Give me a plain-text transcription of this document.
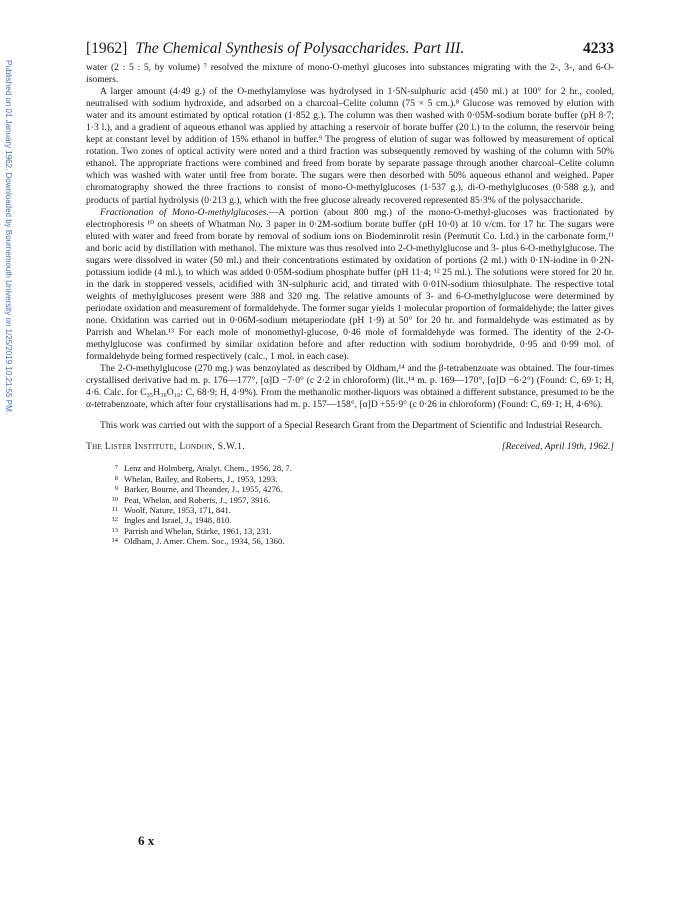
Published on 01 January 1962. Downloaded by Bournemouth University on 1/25/2019 10:21:55 PM.
[1962] The Chemical Synthesis of Polysaccharides. Part III.	4233

water (2 : 5 : 5, by volume) ⁷ resolved the mixture of mono-O-methyl glucoses into substances migrating with the 2-, 3-, and 6-O-isomers.

A larger amount (4·49 g.) of the O-methylamylose was hydrolysed in 1·5N-sulphuric acid (450 ml.) at 100° for 2 hr., cooled, neutralised with sodium hydroxide, and adsorbed on a charcoal–Celite column (75 × 5 cm.).⁸ Glucose was removed by elution with water and its amount estimated by optical rotation (1·852 g.). The column was then washed with 0·05M-sodium borate buffer (pH 8·7; 1·3 l.), and a gradient of aqueous ethanol was applied by attaching a reservoir of borate buffer (20 l.) to the column, the reservoir being kept at constant level by addition of 15% ethanol in buffer.⁹ The progress of elution of sugar was followed by measurement of optical rotation. Two zones of optical activity were noted and a third fraction was subsequently removed by washing of the column with 50% ethanol. The appropriate fractions were combined and freed from borate by separate passage through another charcoal–Celite column which was washed with water until free from borate. The sugars were then desorbed with 50% aqueous ethanol and weighed. Paper chromatography showed the three fractions to consist of mono-O-methylglucoses (1·537 g.), di-O-methylglucoses (0·588 g.), and products of partial hydrolysis (0·213 g.), which with the free glucose already recovered represented 85·3% of the polysaccharide.

Fractionation of Mono-O-methylglucoses.—A portion (about 800 mg.) of the mono-O-methyl-glucoses was fractionated by electrophoresis ¹⁰ on sheets of Whatman No. 3 paper in 0·2M-sodium borate buffer (pH 10·0) at 10 v/cm. for 17 hr. The sugars were eluted with water and freed from borate by removal of sodium ions on Biodeminrolit resin (Permutit Co. Ltd.) in the carbonate form,¹¹ and boric acid by distillation with methanol. The mixture was thus resolved into 2-O-methylglucose and 3- plus 6-O-methylglucose. The sugars were dissolved in water (50 ml.) and their concentrations estimated by oxidation of portions (2 ml.) with 0·1N-iodine in 0·2N-potassium iodide (4 ml.), to which was added 0·05M-sodium phosphate buffer (pH 11·4; ¹² 25 ml.). The solutions were stored for 20 hr. in the dark in stoppered vessels, acidified with 3N-sulphuric acid, and titrated with 0·01N-sodium thiosulphate. The respective total weights of methylglucoses present were 388 and 320 mg. The relative amounts of 3- and 6-O-methylglucose were determined by periodate oxidation and measurement of formaldehyde. The former sugar yields 1 molecular proportion of formaldehyde; the latter gives none. Oxidation was carried out in 0·06M-sodium metaperiodate (pH 1·9) at 50° for 20 hr. and formaldehyde was estimated as by Parrish and Whelan.¹³ For each mole of monomethyl-glucose, 0·46 mole of formaldehyde was formed. The identity of the 2-O-methylglucose was confirmed by similar oxidation before and after reduction with sodium borohydride, 0·95 and 0·99 mol. of formaldehyde being formed respectively (calc., 1 mol. in each case).

The 2-O-methylglucose (270 mg.) was benzoylated as described by Oldham,¹⁴ and the β-tetrabenzoate was obtained. The four-times crystallised derivative had m. p. 176—177°, [α]D −7·0° (c 2·2 in chloroform) (lit.,¹⁴ m. p. 169—170°, [α]D −6·2°) (Found: C, 69·1; H, 4·6. Calc. for C₃₅H₃₀O₁₀: C, 68·9; H, 4·9%). From the methanolic mother-liquors was obtained a different substance, presumed to be the α-tetrabenzoate, which after four crystallisations had m. p. 157—158°, [α]D +55·9° (c 0·26 in chloroform) (Found: C, 69·1; H, 4·6%).

This work was carried out with the support of a Special Research Grant from the Department of Scientific and Industrial Research.

The Lister Institute, London, S.W.1.	[Received, April 19th, 1962.]
7 Lenz and Holmberg, Analyt. Chem., 1956, 28, 7.
8 Whelan, Bailey, and Roberts, J., 1953, 1293.
9 Barker, Bourne, and Theander, J., 1955, 4276.
10 Peat, Whelan, and Roberts, J., 1957, 3916.
11 Woolf, Nature, 1953, 171, 841.
12 Ingles and Israel, J., 1948, 810.
13 Parrish and Whelan, Stärke, 1961, 13, 231.
14 Oldham, J. Amer. Chem. Soc., 1934, 56, 1360.
6 x
